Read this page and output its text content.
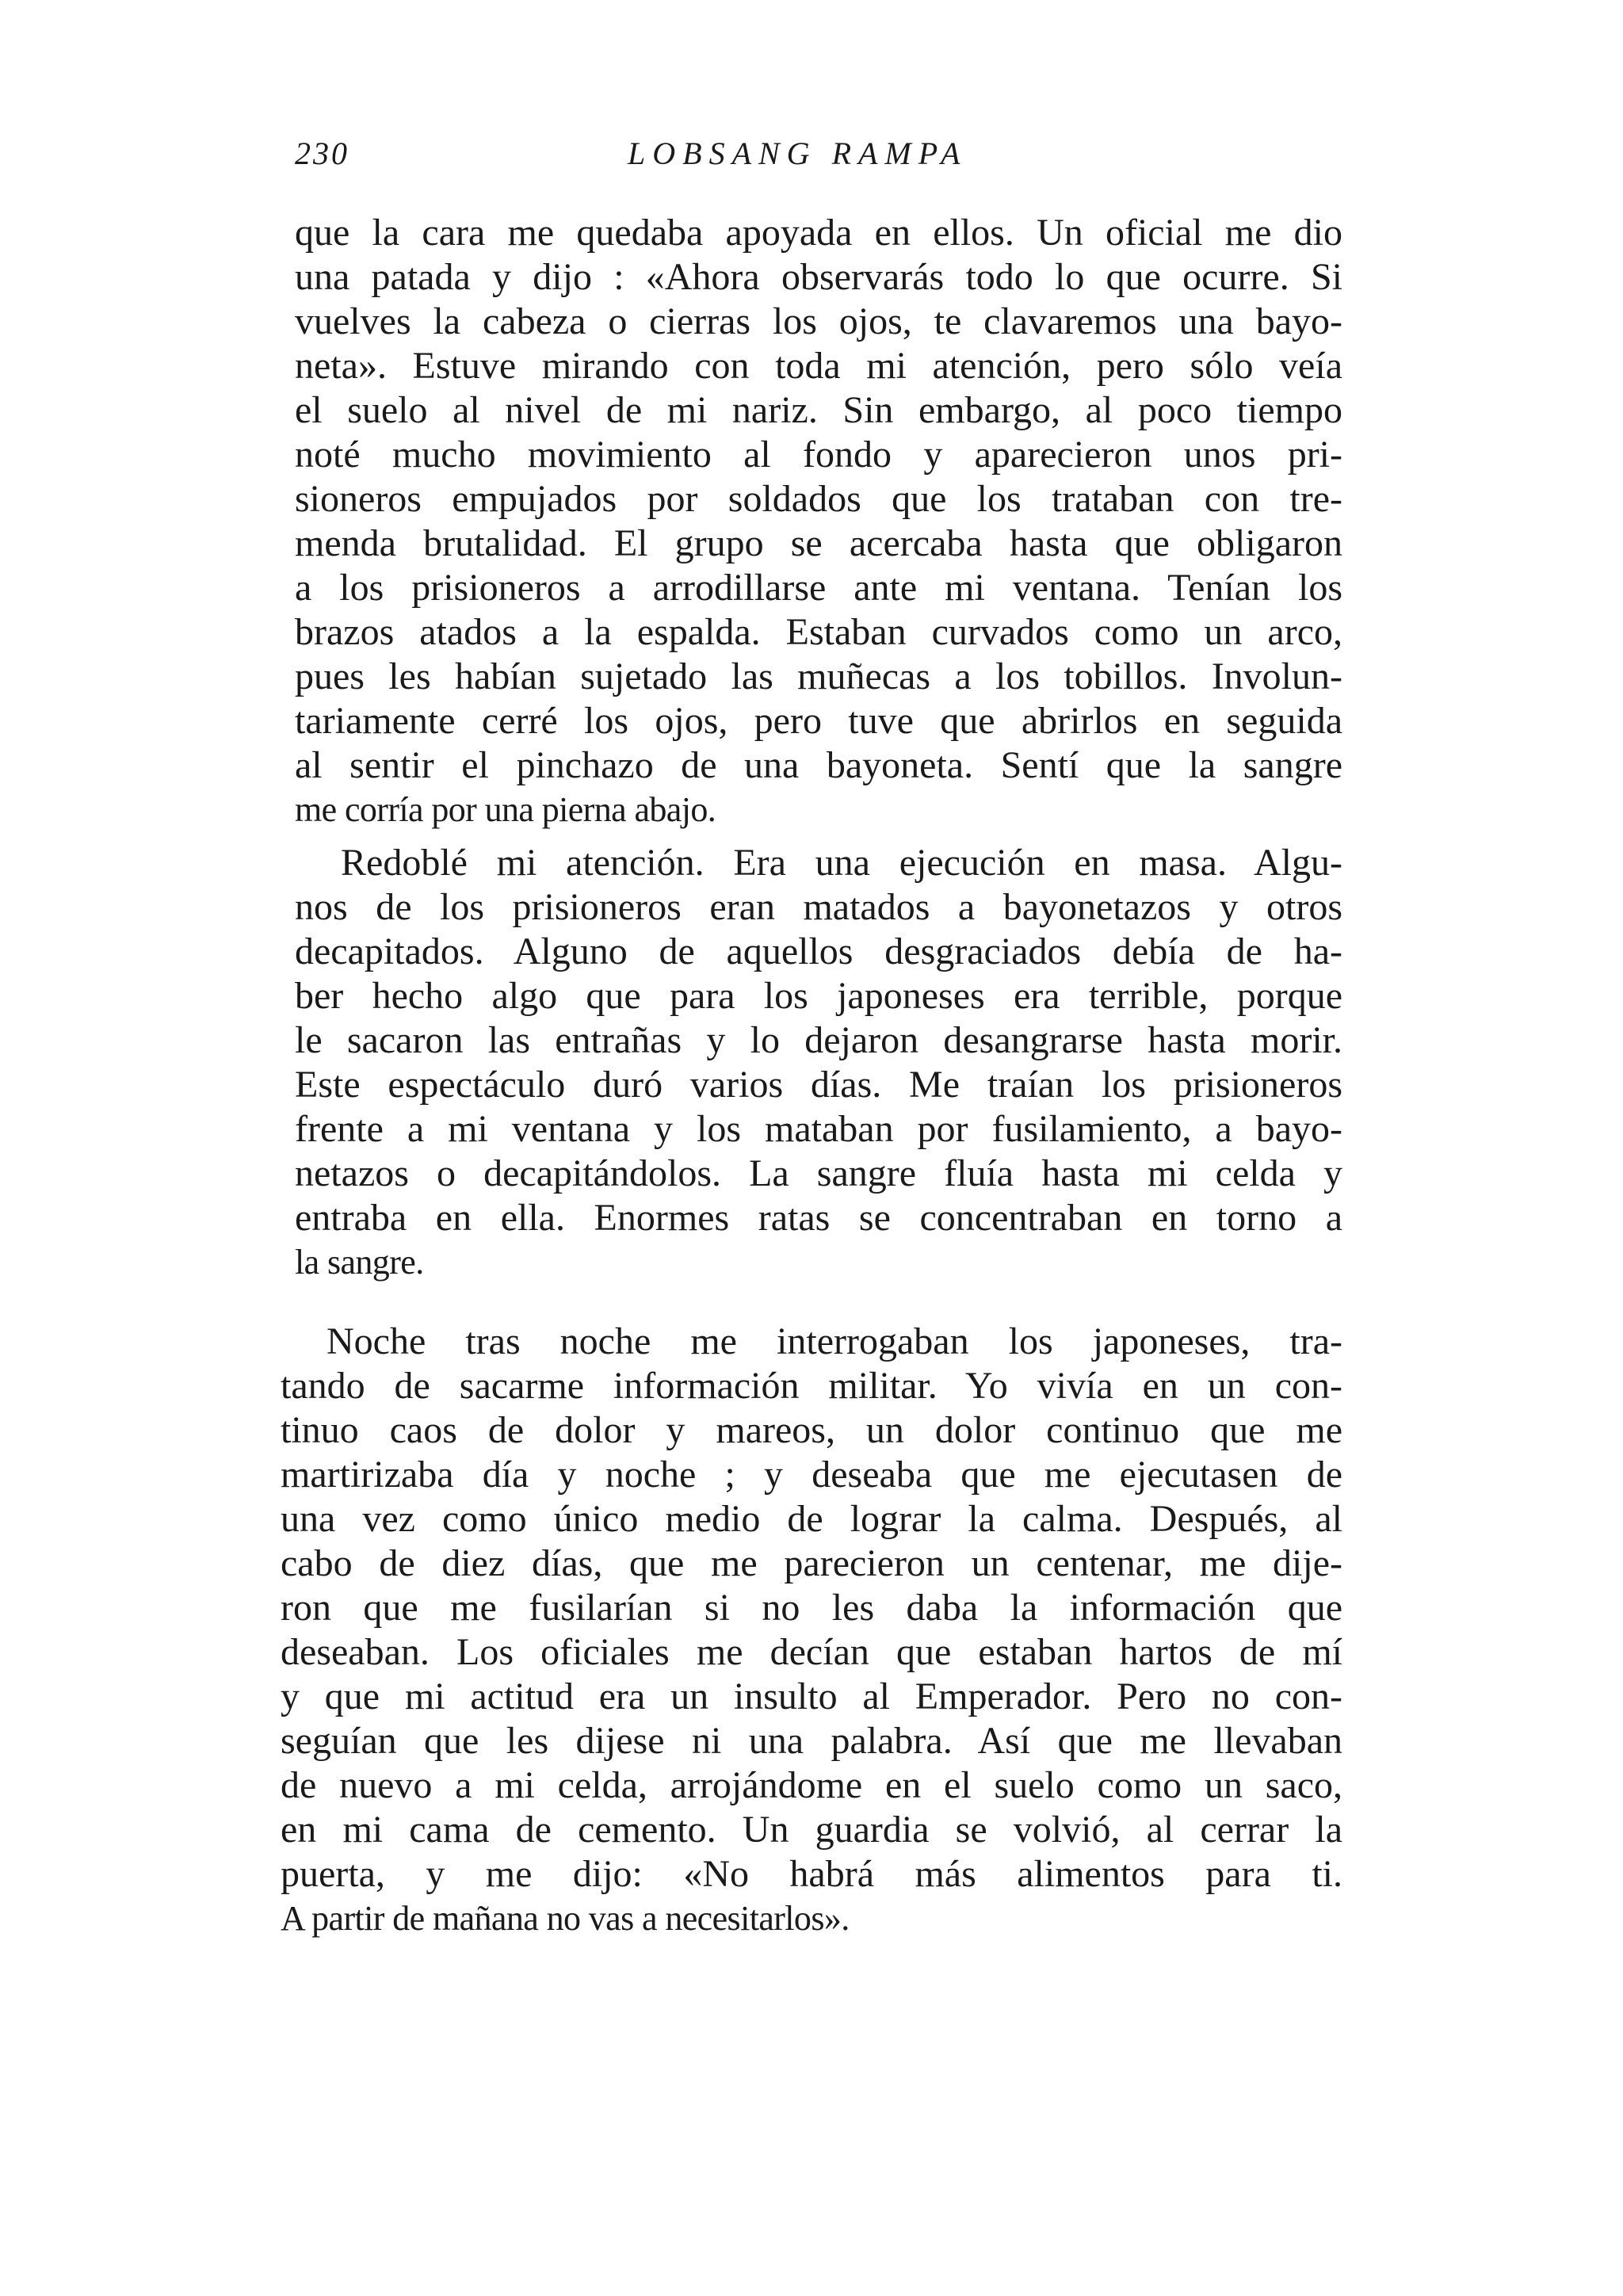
230	LOBSANG RAMPA
que la cara me quedaba apoyada en ellos. Un oficial me dio
una patada y dijo : «Ahora observarás todo lo que ocurre. Si
vuelves la cabeza o cierras los ojos, te clavaremos una bayo-
neta». Estuve mirando con toda mi atención, pero sólo veía
el suelo al nivel de mi nariz. Sin embargo, al poco tiempo
noté mucho movimiento al fondo y aparecieron unos pri-
sioneros empujados por soldados que los trataban con tre-
menda brutalidad. El grupo se acercaba hasta que obligaron
a los prisioneros a arrodillarse ante mi ventana. Tenían los
brazos atados a la espalda. Estaban curvados como un arco,
pues les habían sujetado las muñecas a los tobillos. Involun-
tariamente cerré los ojos, pero tuve que abrirlos en seguida
al sentir el pinchazo de una bayoneta. Sentí que la sangre
me corría por una pierna abajo.
Redoblé mi atención. Era una ejecución en masa. Algu-
nos de los prisioneros eran matados a bayonetazos y otros
decapitados. Alguno de aquellos desgraciados debía de ha-
ber hecho algo que para los japoneses era terrible, porque
le sacaron las entrañas y lo dejaron desangrarse hasta morir.
Este espectáculo duró varios días. Me traían los prisioneros
frente a mi ventana y los mataban por fusilamiento, a bayo-
netazos o decapitándolos. La sangre fluía hasta mi celda y
entraba en ella. Enormes ratas se concentraban en torno a
la sangre.
Noche tras noche me interrogaban los japoneses, tra-
tando de sacarme información militar. Yo vivía en un con-
tinuo caos de dolor y mareos, un dolor continuo que me
martirizaba día y noche ; y deseaba que me ejecutasen de
una vez como único medio de lograr la calma. Después, al
cabo de diez días, que me parecieron un centenar, me dije-
ron que me fusilarían si no les daba la información que
deseaban. Los oficiales me decían que estaban hartos de mí
y que mi actitud era un insulto al Emperador. Pero no con-
seguían que les dijese ni una palabra. Así que me llevaban
de nuevo a mi celda, arrojándome en el suelo como un saco,
en mi cama de cemento. Un guardia se volvió, al cerrar la
puerta, y me dijo: «No habrá más alimentos para ti.
A partir de mañana no vas a necesitarlos».
